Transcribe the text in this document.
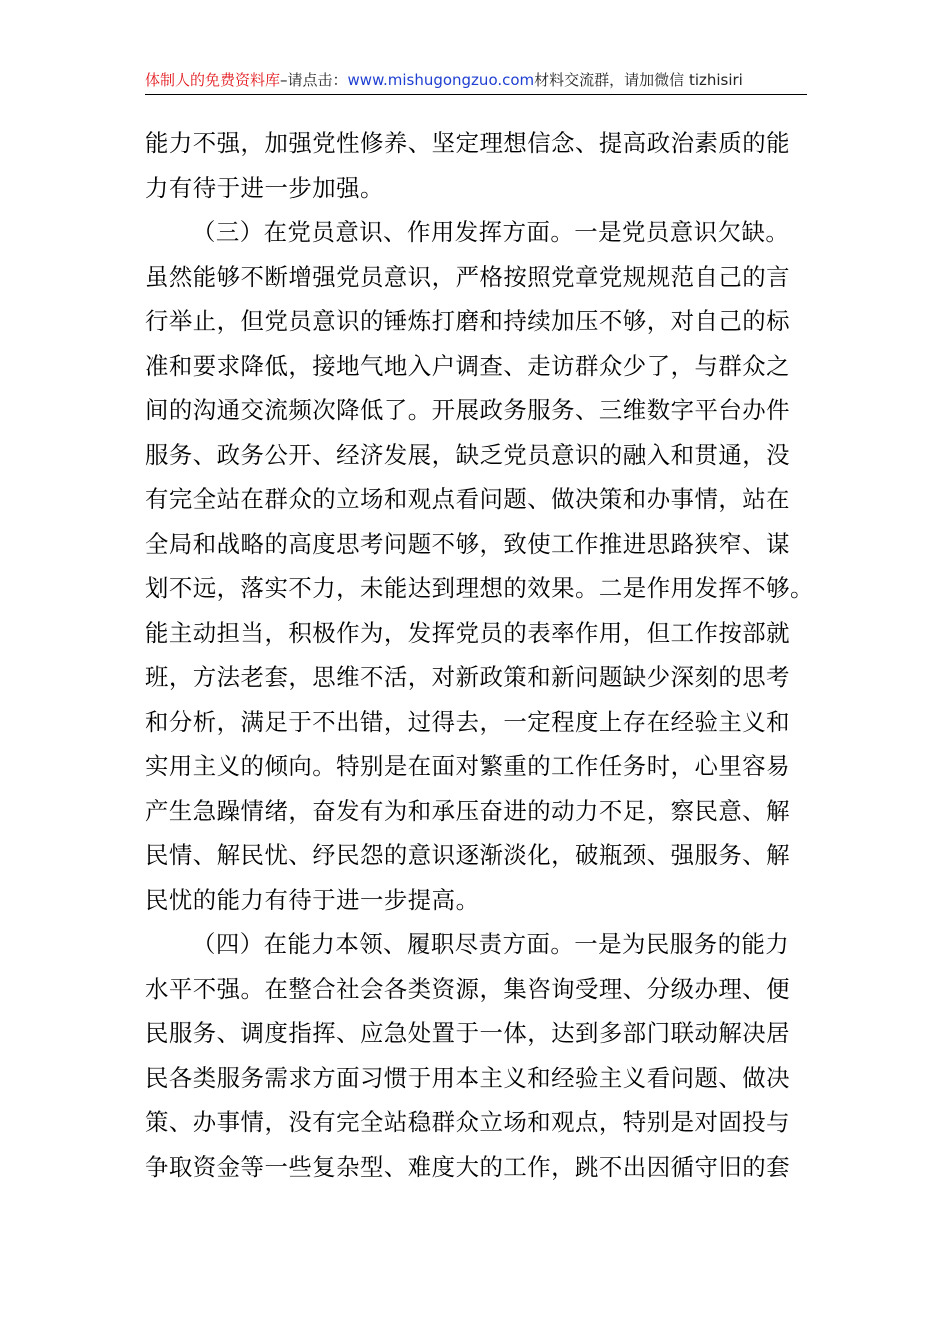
体制人的免费资料库–请点击：www.mishugongzuo.com材料交流群，请加微信 tizhisiri
能力不强，加强党性修养、坚定理想信念、提高政治素质的能
力有待于进一步加强。
（三）在党员意识、作用发挥方面。一是党员意识欠缺。
虽然能够不断增强党员意识，严格按照党章党规规范自己的言
行举止，但党员意识的锤炼打磨和持续加压不够，对自己的标
准和要求降低，接地气地入户调查、走访群众少了，与群众之
间的沟通交流频次降低了。开展政务服务、三维数字平台办件
服务、政务公开、经济发展，缺乏党员意识的融入和贯通，没
有完全站在群众的立场和观点看问题、做决策和办事情，站在
全局和战略的高度思考问题不够，致使工作推进思路狭窄、谋
划不远，落实不力，未能达到理想的效果。二是作用发挥不够。
能主动担当，积极作为，发挥党员的表率作用，但工作按部就
班，方法老套，思维不活，对新政策和新问题缺少深刻的思考
和分析，满足于不出错，过得去，一定程度上存在经验主义和
实用主义的倾向。特别是在面对繁重的工作任务时，心里容易
产生急躁情绪，奋发有为和承压奋进的动力不足，察民意、解
民情、解民忧、纾民怨的意识逐渐淡化，破瓶颈、强服务、解
民忧的能力有待于进一步提高。
（四）在能力本领、履职尽责方面。一是为民服务的能力
水平不强。在整合社会各类资源，集咨询受理、分级办理、便
民服务、调度指挥、应急处置于一体，达到多部门联动解决居
民各类服务需求方面习惯于用本主义和经验主义看问题、做决
策、办事情，没有完全站稳群众立场和观点，特别是对固投与
争取资金等一些复杂型、难度大的工作，跳不出因循守旧的套
